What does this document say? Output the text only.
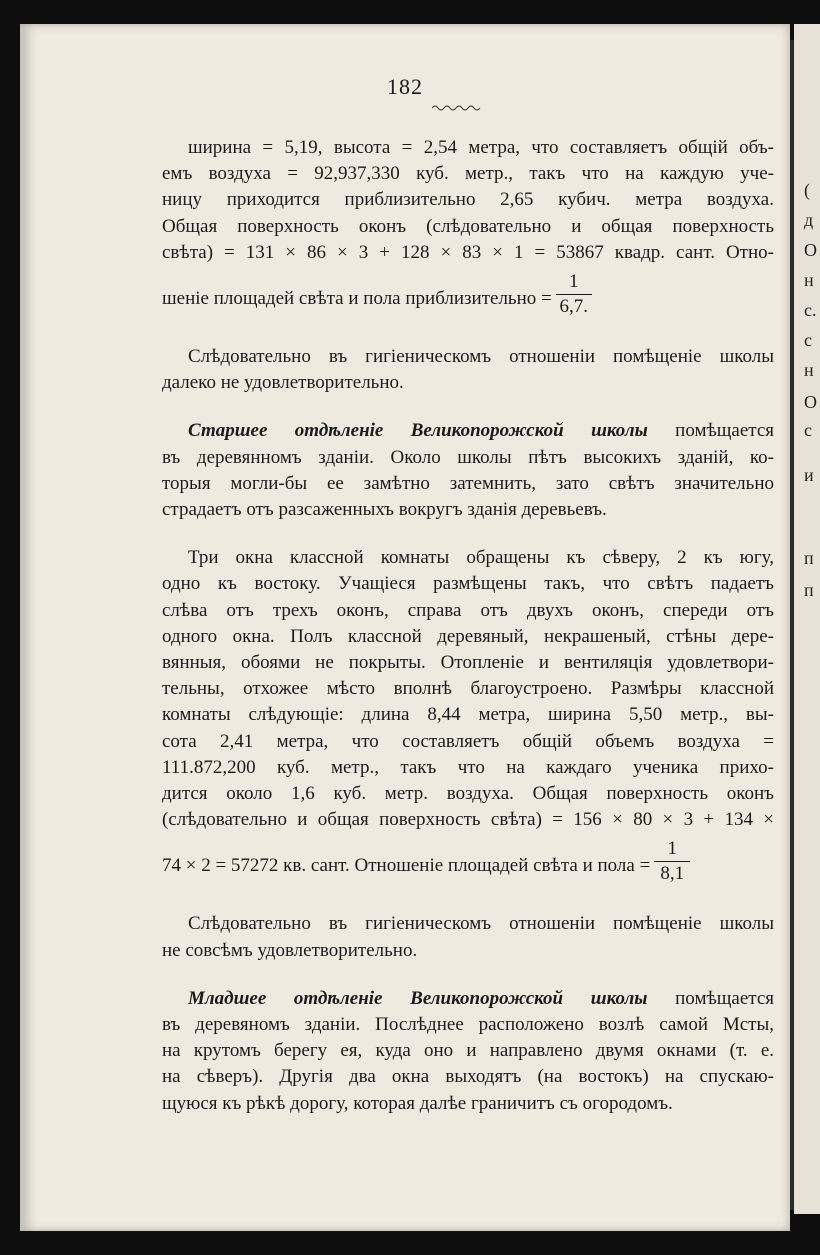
182
ширина = 5,19, высота = 2,54 метра, что составляетъ общій объ-
емъ воздуха = 92,937,330 куб. метр., такъ что на каждую уче-
ницу приходится приблизительно 2,65 кубич. метра воздуха.
Общая поверхность оконъ (слѣдовательно и общая поверхность
свѣта) = 131 × 86 × 3 + 128 × 83 × 1 = 53867 квадр. сант. Отно-
шеніе площадей свѣта и пола приблизительно =
1
6,7.
Слѣдовательно въ гигіеническомъ отношеніи помѣщеніе школы
далеко не удовлетворительно.
Старшее отдѣленіе Великопорожской школы помѣщается
въ деревянномъ зданіи. Около школы пѣтъ высокихъ зданій, ко-
торыя могли-бы ее замѣтно затемнить, зато свѣтъ значительно
страдаетъ отъ разсаженныхъ вокругъ зданія деревьевъ.
Три окна классной комнаты обращены къ сѣверу, 2 къ югу,
одно къ востоку. Учащіеся размѣщены такъ, что свѣтъ падаетъ
слѣва отъ трехъ оконъ, справа отъ двухъ оконъ, спереди отъ
одного окна. Полъ классной деревяный, некрашеный, стѣны дере-
вянныя, обоями не покрыты. Отопленіе и вентиляція удовлетвори-
тельны, отхожее мѣсто вполнѣ благоустроено. Размѣры классной
комнаты слѣдующіе: длина 8,44 метра, ширина 5,50 метр., вы-
сота 2,41 метра, что составляетъ общій объемъ воздуха =
111.872,200 куб. метр., такъ что на каждаго ученика прихо-
дится около 1,6 куб. метр. воздуха. Общая поверхность оконъ
(слѣдовательно и общая поверхность свѣта) = 156 × 80 × 3 + 134 ×
74 × 2 = 57272 кв. сант. Отношеніе площадей свѣта и пола =
1
8,1
Слѣдовательно въ гигіеническомъ отношеніи помѣщеніе школы
не совсѣмъ удовлетворительно.
Младшее отдѣленіе Великопорожской школы помѣщается
въ деревяномъ зданіи. Послѣднее расположено возлѣ самой Мсты,
на крутомъ берегу ея, куда оно и направлено двумя окнами (т. е.
на сѣверъ). Другія два окна выходятъ (на востокъ) на спускаю-
щуюся къ рѣкѣ дорогу, которая далѣе граничитъ съ огородомъ.
(
д
О
н
с.
с
н
О
с
и
п
п
